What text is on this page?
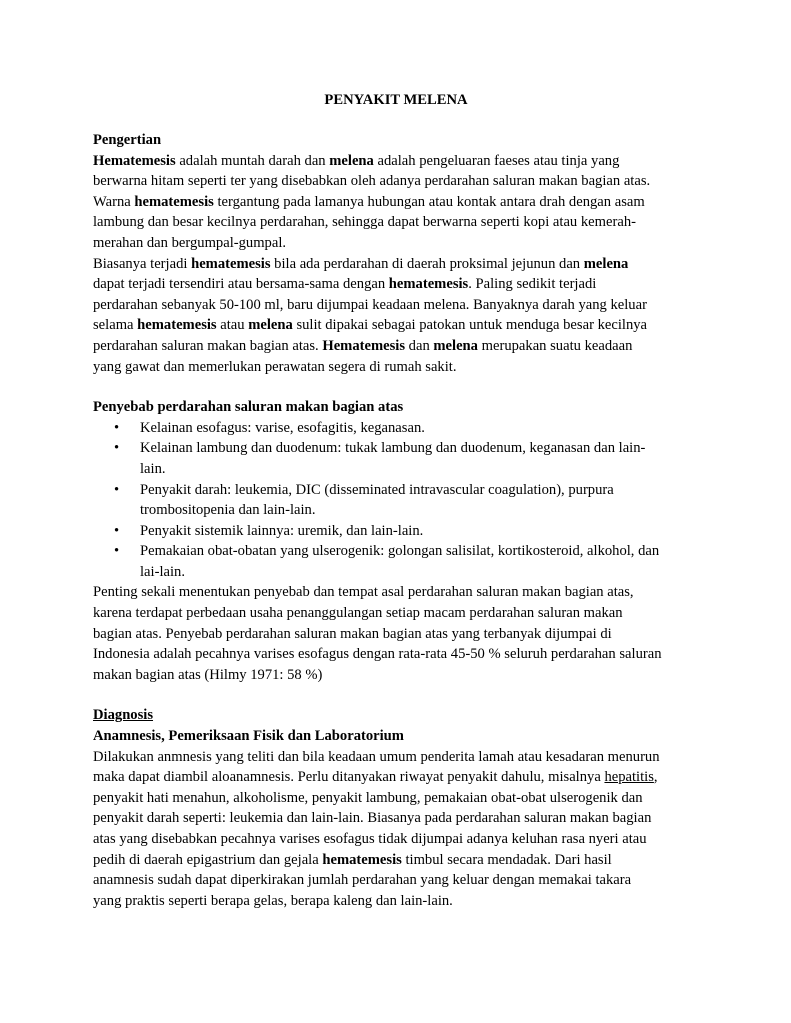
PENYAKIT MELENA
Pengertian
Hematemesis adalah muntah darah dan melena adalah pengeluaran faeses atau tinja yang
berwarna hitam seperti ter yang disebabkan oleh adanya perdarahan saluran makan bagian atas.
Warna hematemesis tergantung pada lamanya hubungan atau kontak antara drah dengan asam
lambung dan besar kecilnya perdarahan, sehingga dapat berwarna seperti kopi atau kemerah-
merahan dan bergumpal-gumpal.
Biasanya terjadi hematemesis bila ada perdarahan di daerah proksimal jejunun dan melena
dapat terjadi tersendiri atau bersama-sama dengan hematemesis. Paling sedikit terjadi
perdarahan sebanyak 50-100 ml, baru dijumpai keadaan melena. Banyaknya darah yang keluar
selama hematemesis atau melena sulit dipakai sebagai patokan untuk menduga besar kecilnya
perdarahan saluran makan bagian atas. Hematemesis dan melena merupakan suatu keadaan
yang gawat dan memerlukan perawatan segera di rumah sakit.
Penyebab perdarahan saluran makan bagian atas
• Kelainan esofagus: varise, esofagitis, keganasan.
• Kelainan lambung dan duodenum: tukak lambung dan duodenum, keganasan dan lain-
lain.
• Penyakit darah: leukemia, DIC (disseminated intravascular coagulation), purpura
trombositopenia dan lain-lain.
• Penyakit sistemik lainnya: uremik, dan lain-lain.
• Pemakaian obat-obatan yang ulserogenik: golongan salisilat, kortikosteroid, alkohol, dan
lai-lain.
Penting sekali menentukan penyebab dan tempat asal perdarahan saluran makan bagian atas,
karena terdapat perbedaan usaha penanggulangan setiap macam perdarahan saluran makan
bagian atas. Penyebab perdarahan saluran makan bagian atas yang terbanyak dijumpai di
Indonesia adalah pecahnya varises esofagus dengan rata-rata 45-50 % seluruh perdarahan saluran
makan bagian atas (Hilmy 1971: 58 %)
Diagnosis
Anamnesis, Pemeriksaan Fisik dan Laboratorium
Dilakukan anmnesis yang teliti dan bila keadaan umum penderita lamah atau kesadaran menurun
maka dapat diambil aloanamnesis. Perlu ditanyakan riwayat penyakit dahulu, misalnya hepatitis,
penyakit hati menahun, alkoholisme, penyakit lambung, pemakaian obat-obat ulserogenik dan
penyakit darah seperti: leukemia dan lain-lain. Biasanya pada perdarahan saluran makan bagian
atas yang disebabkan pecahnya varises esofagus tidak dijumpai adanya keluhan rasa nyeri atau
pedih di daerah epigastrium dan gejala hematemesis timbul secara mendadak. Dari hasil
anamnesis sudah dapat diperkirakan jumlah perdarahan yang keluar dengan memakai takara
yang praktis seperti berapa gelas, berapa kaleng dan lain-lain.
